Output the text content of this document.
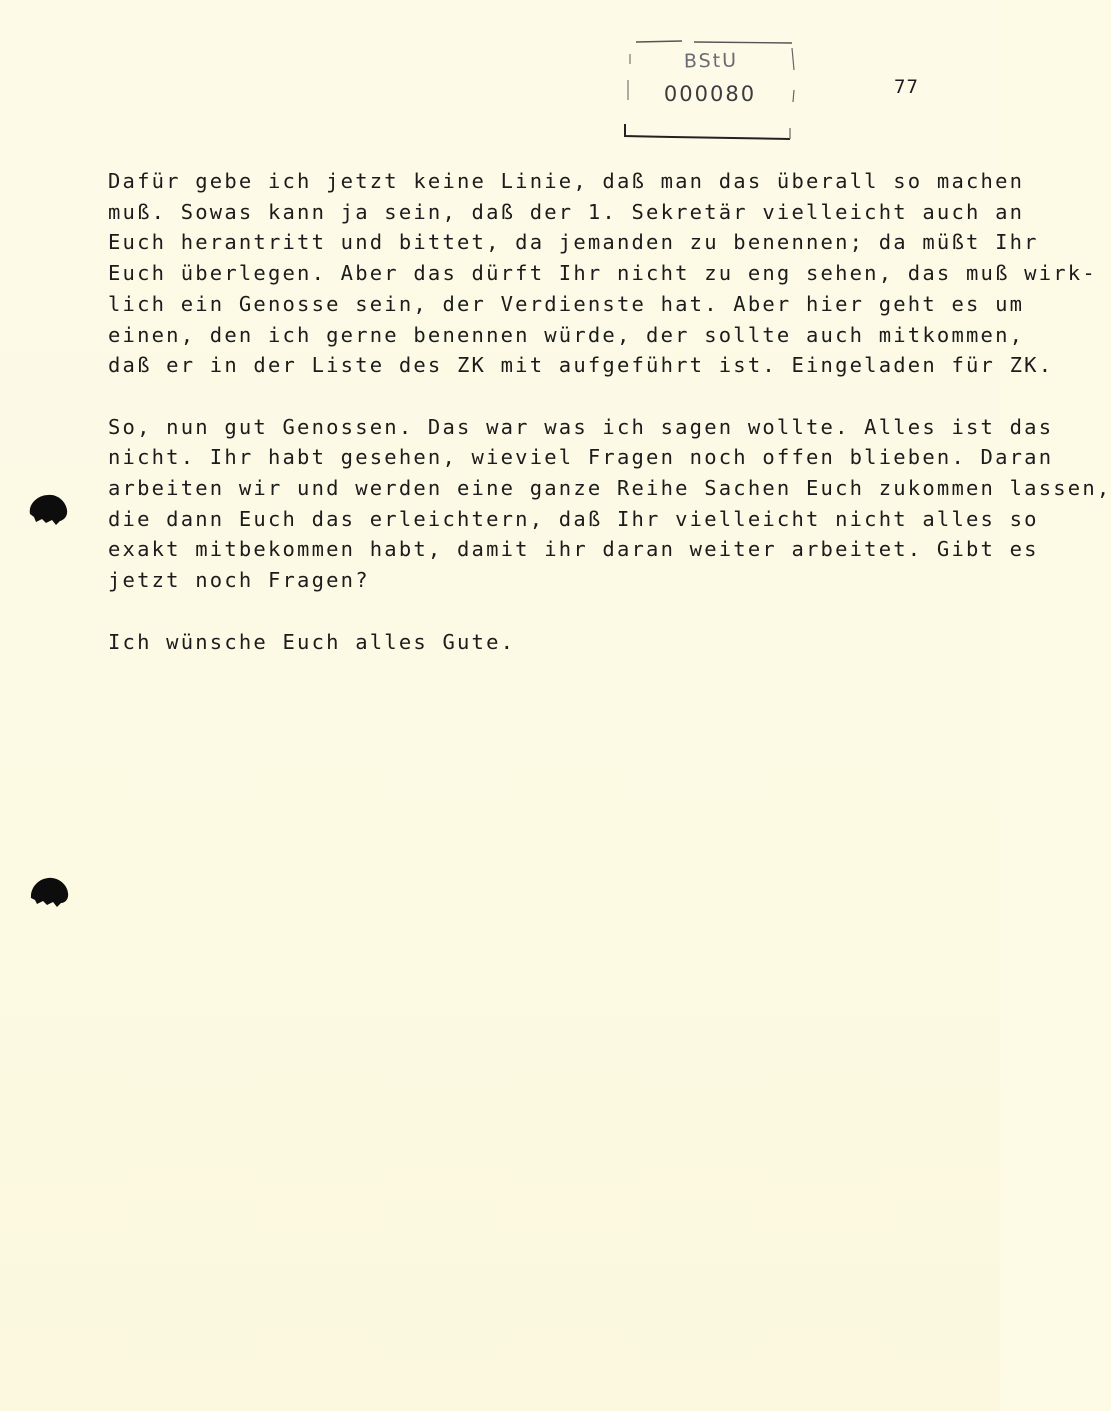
BStU
000080	77
Dafür gebe ich jetzt keine Linie, daß man das überall so machen
muß. Sowas kann ja sein, daß der 1. Sekretär vielleicht auch an
Euch herantritt und bittet, da jemanden zu benennen; da müßt Ihr
Euch überlegen. Aber das dürft Ihr nicht zu eng sehen, das muß wirk-
lich ein Genosse sein, der Verdienste hat. Aber hier geht es um
einen, den ich gerne benennen würde, der sollte auch mitkommen,
daß er in der Liste des ZK mit aufgeführt ist. Eingeladen für ZK.
So, nun gut Genossen. Das war was ich sagen wollte. Alles ist das
nicht. Ihr habt gesehen, wieviel Fragen noch offen blieben. Daran
arbeiten wir und werden eine ganze Reihe Sachen Euch zukommen lassen,
die dann Euch das erleichtern, daß Ihr vielleicht nicht alles so
exakt mitbekommen habt, damit ihr daran weiter arbeitet. Gibt es
jetzt noch Fragen?
Ich wünsche Euch alles Gute.
